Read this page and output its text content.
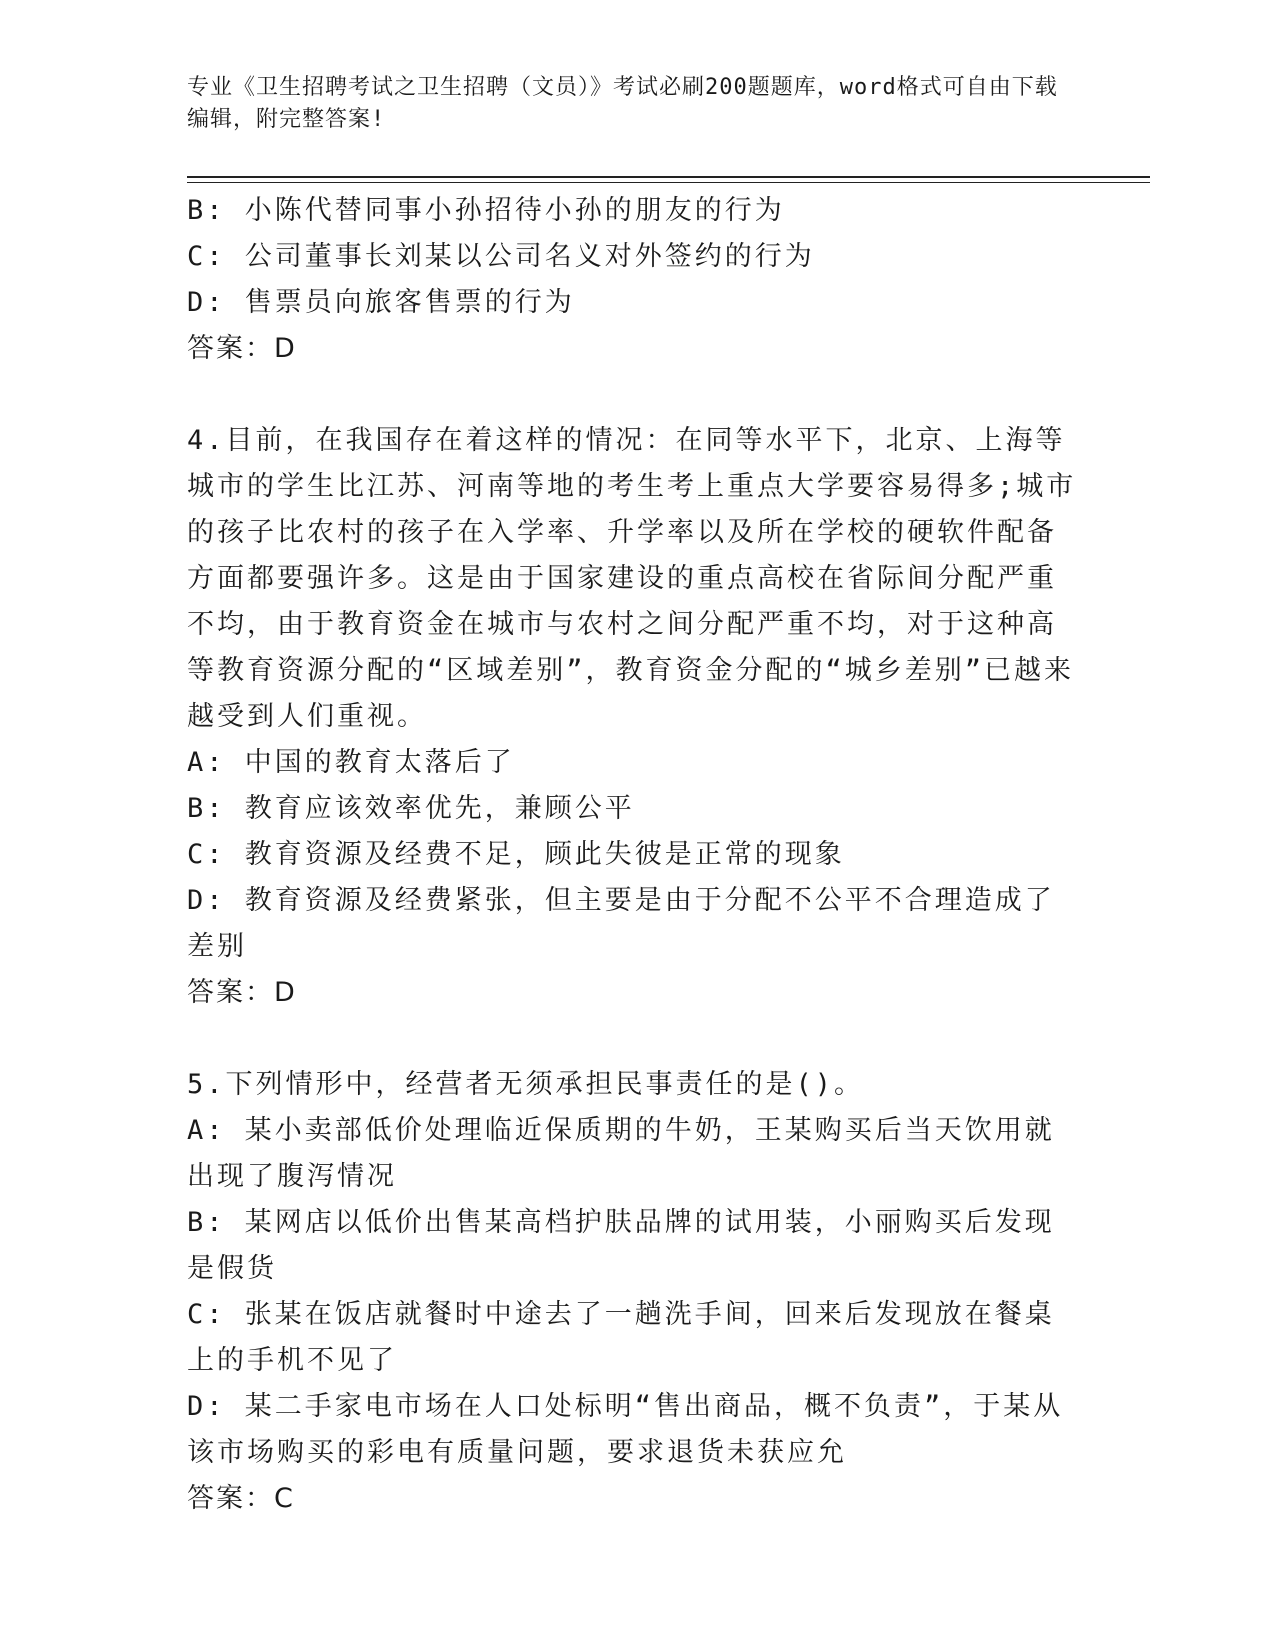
专业《卫生招聘考试之卫生招聘（文员）》考试必刷200题题库，word格式可自由下载编辑，附完整答案!
B: 小陈代替同事小孙招待小孙的朋友的行为
C: 公司董事长刘某以公司名义对外签约的行为
D: 售票员向旅客售票的行为
答案：D
4.目前，在我国存在着这样的情况：在同等水平下，北京、上海等城市的学生比江苏、河南等地的考生考上重点大学要容易得多;城市的孩子比农村的孩子在入学率、升学率以及所在学校的硬软件配备方面都要强许多。这是由于国家建设的重点高校在省际间分配严重不均，由于教育资金在城市与农村之间分配严重不均，对于这种高等教育资源分配的“区域差别”，教育资金分配的“城乡差别”已越来越受到人们重视。
A: 中国的教育太落后了
B: 教育应该效率优先，兼顾公平
C: 教育资源及经费不足，顾此失彼是正常的现象
D: 教育资源及经费紧张，但主要是由于分配不公平不合理造成了差别
答案：D
5.下列情形中，经营者无须承担民事责任的是()。
A: 某小卖部低价处理临近保质期的牛奶，王某购买后当天饮用就出现了腹泻情况
B: 某网店以低价出售某高档护肤品牌的试用装，小丽购买后发现是假货
C: 张某在饭店就餐时中途去了一趟洗手间，回来后发现放在餐桌上的手机不见了
D: 某二手家电市场在人口处标明“售出商品，概不负责”，于某从该市场购买的彩电有质量问题，要求退货未获应允
答案：C
